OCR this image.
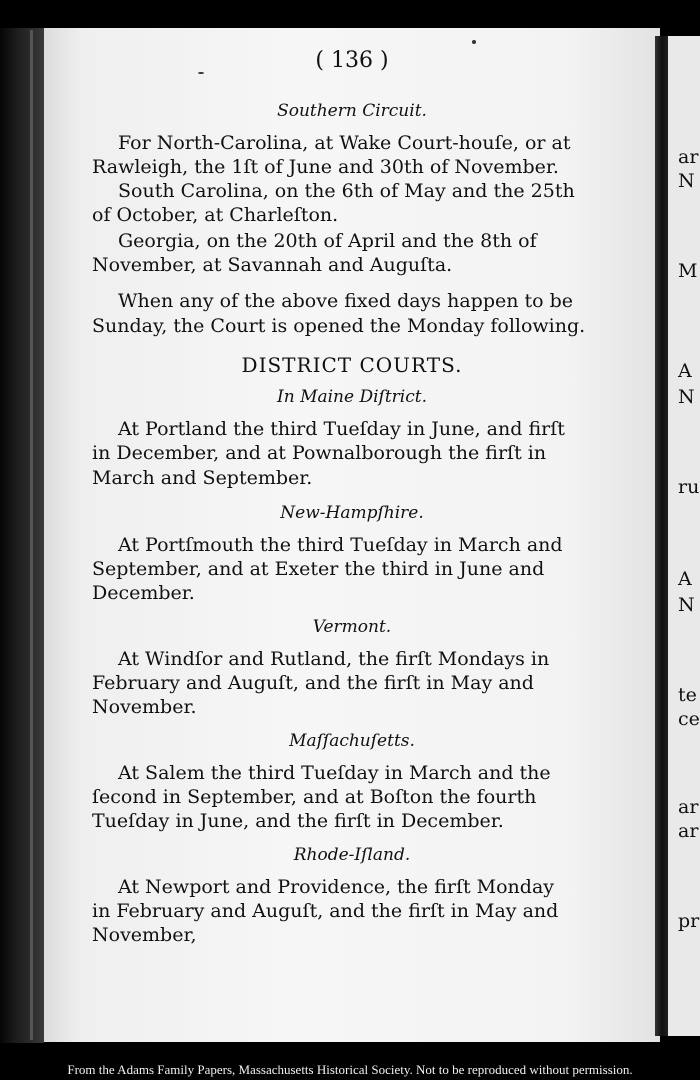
( 136 )
Southern Circuit.
For North-Carolina, at Wake Court-houſe, or at
Rawleigh, the 1ſt of June and 30th of November.
South Carolina, on the 6th of May and the 25th
of October, at Charleſton.
Georgia, on the 20th of April and the 8th of
November, at Savannah and Auguſta.
When any of the above fixed days happen to be
Sunday, the Court is opened the Monday following.
DISTRICT COURTS.
In Maine Diſtrict.
At Portland the third Tueſday in June, and firſt
in December, and at Pownalborough the firſt in
March and September.
New-Hampſhire.
At Portſmouth the third Tueſday in March and
September, and at Exeter the third in June and
December.
Vermont.
At Windſor and Rutland, the firſt Mondays in
February and Auguſt, and the firſt in May and
November.
Maſſachuſetts.
At Salem the third Tueſday in March and the
ſecond in September, and at Boſton the fourth
Tueſday in June, and the firſt in December.
Rhode-Iſland.
At Newport and Providence, the firſt Monday
in February and Auguſt, and the firſt in May and
November,
ar
N
M
A
N
ru
A
N
te
ce
ar
ar
pr
From the Adams Family Papers, Massachusetts Historical Society. Not to be reproduced without permission.
